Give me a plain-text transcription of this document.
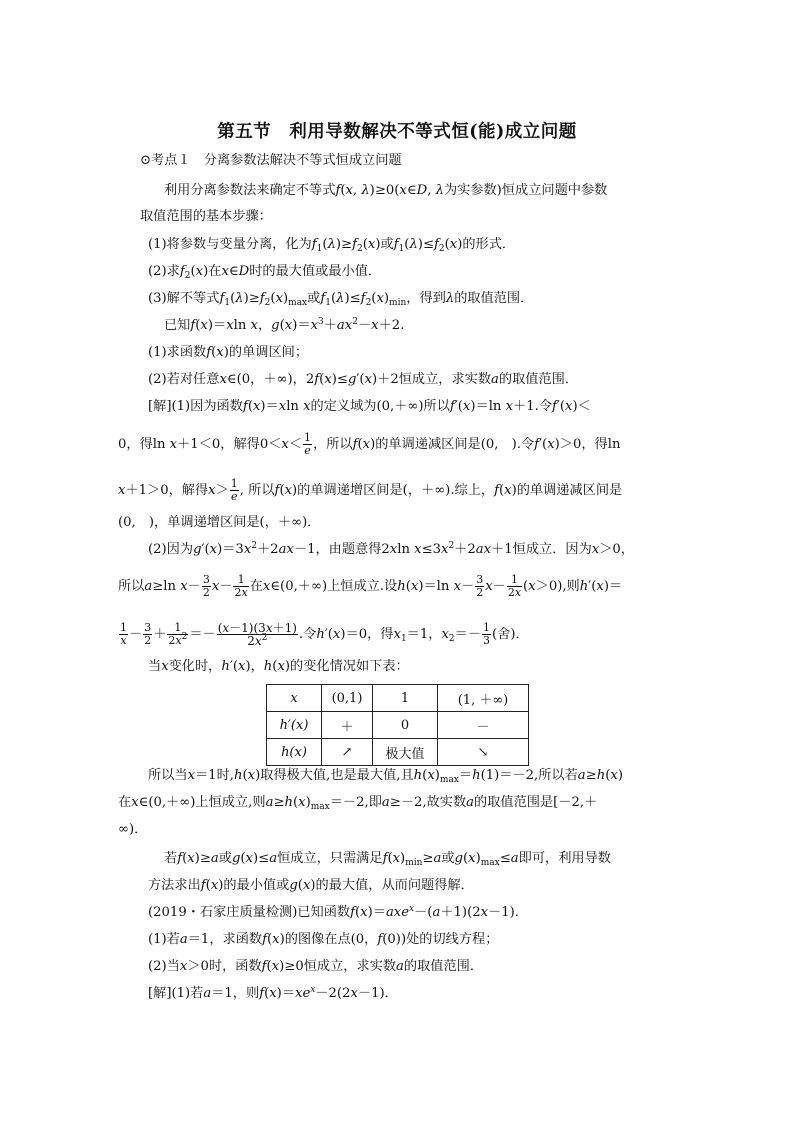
第五节　利用导数解决不等式恒(能)成立问题
⊙考点１　分离参数法解决不等式恒成立问题
利用分离参数法来确定不等式f(x, λ)≥0(x∈D, λ为实参数)恒成立问题中参数
取值范围的基本步骤：
(1)将参数与变量分离，化为$f_1(\lambda)\ge f_2(x)$或$f_1(\lambda)\le f_2(x)$的形式．
(2)求$f_2(x)$在x∈D时的最大值或最小值．
(3)解不等式$f_1(\lambda)\ge f_2(x)_{max}$或$f_1(\lambda)\le f_2(x)_{min}$，得到λ的取值范围．
已知f(x)＝xln x，$g(x)=x^3+ax^2-x+2$.
(1)求函数f(x)的单调区间；
(2)若对任意x∈(0，＋∞)，2f(x)≤g′(x)＋2恒成立，求实数a的取值范围．
[解](1)因为函数f(x)＝xln x的定义域为(0,＋∞)所以f′(x)＝ln x＋1.令f′(x)＜
0，得ln x＋1＜0，解得$0<x< \frac{1}{e}$ ，所以f(x)的单调递减区间是(0,　).令f′(x)＞0，得ln
x＋1＞0，解得$x> \frac{1}{e}$ , 所以f(x)的单调递增区间是(，＋∞).综上，f(x)的单调递减区间是
(0,　)，单调递增区间是(，＋∞)．
(2)因为$g'(x)=3x^2+2ax-1$，由题意得2xln $x\le 3x^2+2ax+1$恒成立．因为x＞0，
所以a≥ln $x- \frac{3}{2} x- \frac{1}{2x}$ 在x∈(0,＋∞)上恒成立.设h(x)＝ln $x- \frac{3}{2} x- \frac{1}{2x} (x>0)$,则h′(x)＝
$\frac{1}{x} - \frac{3}{2} + \frac{1}{2x^2} =- \frac{(x-1)(3x+1)}{2x^2}$ .令h′(x)＝0，得$x_1=1$，$x_2=- \frac{1}{3}$ (舍)．
当x变化时，h′(x)，h(x)的变化情况如下表：
x	(0,1)	1	(1, ＋∞)
h′(x)	＋	0	－
h(x)	↗	极大值	↘
所以当x＝1时,h(x)取得极大值,也是最大值,且$h(x)_{max}=h(1)=-2$,所以若a≥h(x)
在x∈(0,＋∞)上恒成立,则$a\ge h(x)_{max}=-2$,即a≥－2,故实数a的取值范围是[－2,＋
∞)．
若f(x)≥a或g(x)≤a恒成立，只需满足$f(x)_{min}\ge a$或$g(x)_{max}\le a$即可，利用导数
方法求出f(x)的最小值或g(x)的最大值，从而问题得解．
(2019・石家庄质量检测)已知函数f(x)＝axe$^x$－(a＋1)(2x－1)．
(1)若a＝1，求函数f(x)的图像在点(0，f(0))处的切线方程；
(2)当x＞0时，函数f(x)≥0恒成立，求实数a的取值范围．
[解](1)若a＝1，则$f(x)=xe^x-2(2x-1)$．
